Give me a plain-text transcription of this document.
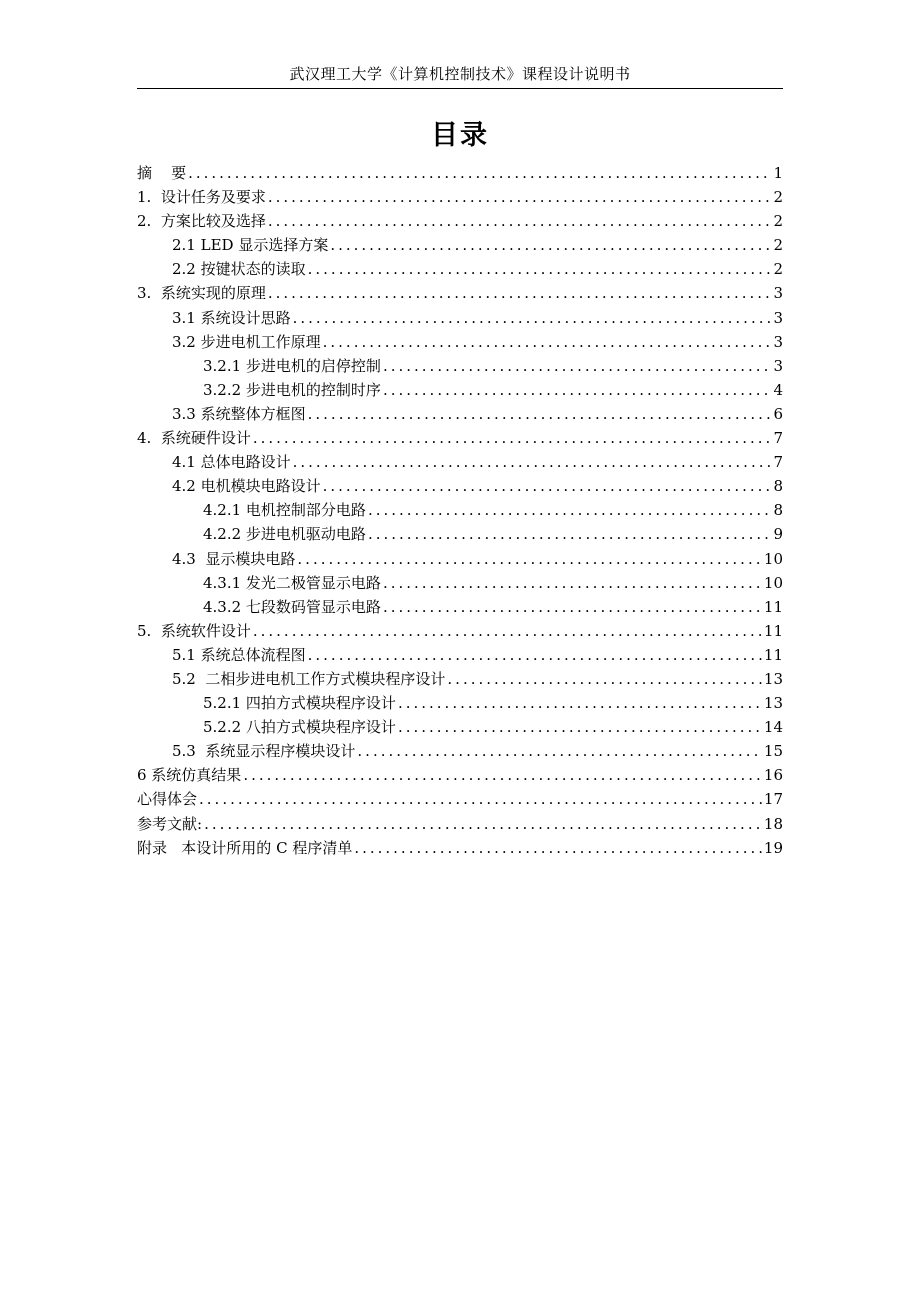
武汉理工大学《计算机控制技术》课程设计说明书
目录
摘    要 .....	1
1.  设计任务及要求 .....	2
2.  方案比较及选择 .....	2
2.1 LED 显示选择方案 .....	2
2.2 按键状态的读取 .....	2
3.  系统实现的原理 .....	3
3.1 系统设计思路 .....	3
3.2 步进电机工作原理 .....	3
3.2.1 步进电机的启停控制 .....	3
3.2.2 步进电机的控制时序 .....	4
3.3 系统整体方框图 .....	6
4.  系统硬件设计 .....	7
4.1 总体电路设计 .....	7
4.2 电机模块电路设计 .....	8
4.2.1 电机控制部分电路 .....	8
4.2.2 步进电机驱动电路 .....	9
4.3  显示模块电路 .....	10
4.3.1 发光二极管显示电路 .....	10
4.3.2 七段数码管显示电路 .....	11
5.  系统软件设计 .....	11
5.1 系统总体流程图 .....	11
5.2  二相步进电机工作方式模块程序设计 .....	13
5.2.1 四拍方式模块程序设计 .....	13
5.2.2 八拍方式模块程序设计 .....	14
5.3  系统显示程序模块设计 .....	15
6 系统仿真结果 .....	16
心得体会 .....	17
参考文献: .....	18
附录   本设计所用的 C 程序清单 .....	19
